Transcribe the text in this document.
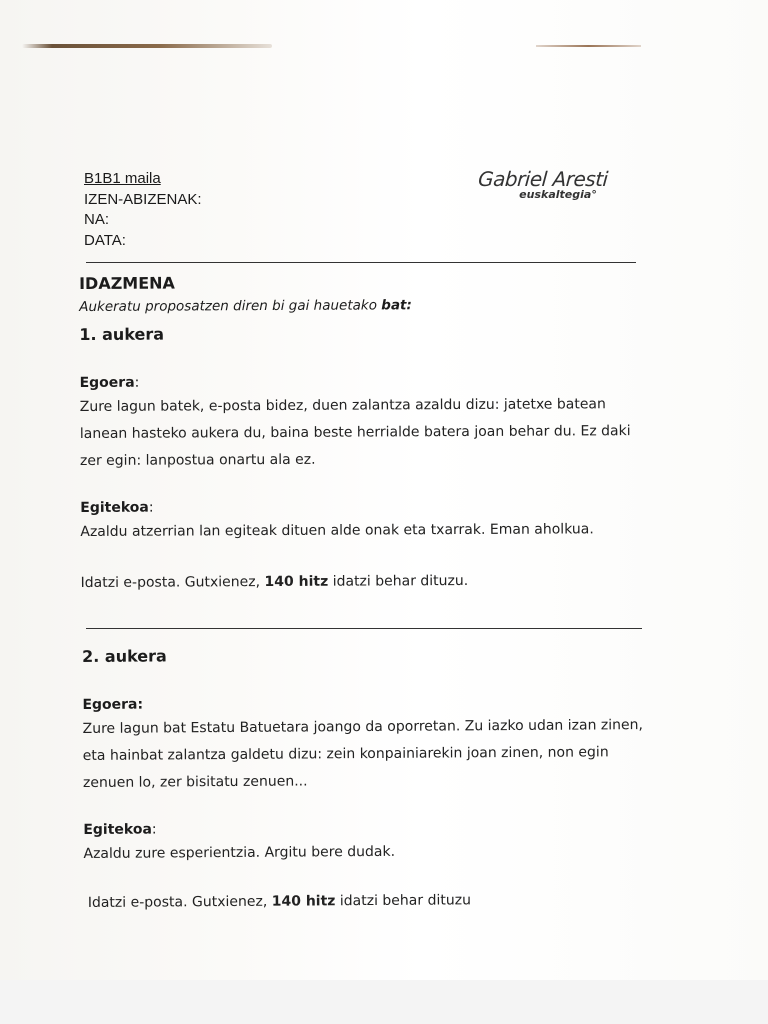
B1B1 maila
IZEN-ABIZENAK:
NA:
DATA:
Gabriel Aresti
euskaltegia°

IDAZMENA

Aukeratu proposatzen diren bi gai hauetako bat:

1. aukera

Egoera:

Zure lagun batek, e-posta bidez, duen zalantza azaldu dizu: jatetxe batean lanean hasteko aukera du, baina beste herrialde batera joan behar du. Ez daki zer egin: lanpostua onartu ala ez.

Egitekoa:

Azaldu atzerrian lan egiteak dituen alde onak eta txarrak. Eman aholkua.

Idatzi e-posta. Gutxienez, 140 hitz idatzi behar dituzu.

2. aukera

Egoera:

Zure lagun bat Estatu Batuetara joango da oporretan. Zu iazko udan izan zinen, eta hainbat zalantza galdetu dizu: zein konpainiarekin joan zinen, non egin zenuen lo, zer bisitatu zenuen...

Egitekoa:

Azaldu zure esperientzia. Argitu bere dudak.

Idatzi e-posta. Gutxienez, 140 hitz idatzi behar dituzu
